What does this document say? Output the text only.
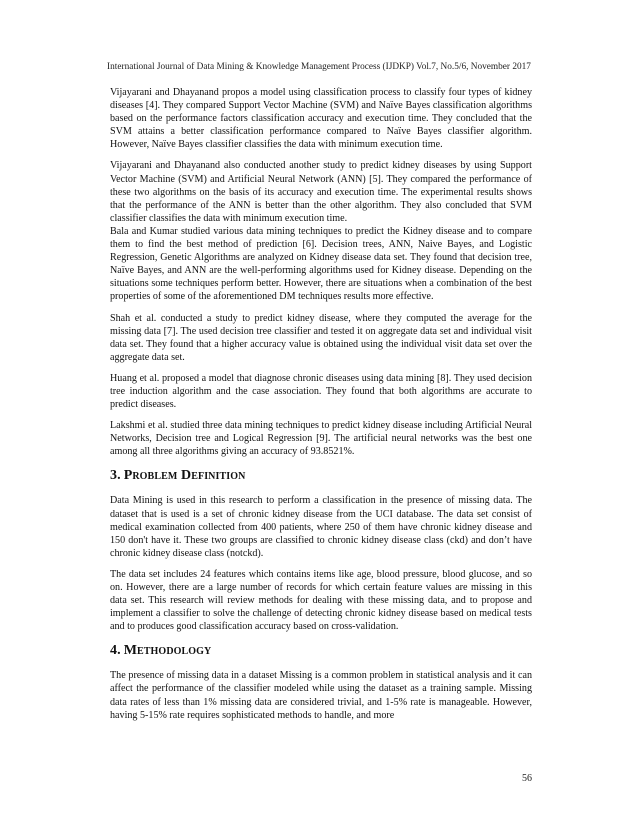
International Journal of Data Mining & Knowledge Management Process (IJDKP) Vol.7, No.5/6, November 2017

Vijayarani and Dhayanand propos a model using classification process to classify four types of kidney diseases [4]. They compared Support Vector Machine (SVM) and Naïve Bayes classification algorithms based on the performance factors classification accuracy and execution time. They concluded that the SVM attains a better classification performance compared to Naïve Bayes classifier algorithm. However, Naïve Bayes classifier classifies the data with minimum execution time.

Vijayarani and Dhayanand also conducted another study to predict kidney diseases by using Support Vector Machine (SVM) and Artificial Neural Network (ANN) [5]. They compared the performance of these two algorithms on the basis of its accuracy and execution time. The experimental results shows that the performance of the ANN is better than the other algorithm. They also concluded that SVM classifier classifies the data with minimum execution time.

Bala and Kumar studied various data mining techniques to predict the Kidney disease and to compare them to find the best method of prediction [6]. Decision trees, ANN, Naive Bayes, and Logistic Regression, Genetic Algorithms are analyzed on Kidney disease data set. They found that decision tree, Naïve Bayes, and ANN are the well-performing algorithms used for Kidney disease. Depending on the situations some techniques perform better. However, there are situations when a combination of the best properties of some of the aforementioned DM techniques results more effective.

Shah et al. conducted a study to predict kidney disease, where they computed the average for the missing data [7]. The used decision tree classifier and tested it on aggregate data set and individual visit data set. They found that a higher accuracy value is obtained using the individual visit data set over the aggregate data set.

Huang et al. proposed a model that diagnose chronic diseases using data mining [8]. They used decision tree induction algorithm and the case association. They found that both algorithms are accurate to predict diseases.

Lakshmi et al. studied three data mining techniques to predict kidney disease including Artificial Neural Networks, Decision tree and Logical Regression [9]. The artificial neural networks was the best one among all three algorithms giving an accuracy of 93.8521%.

3. Problem Definition

Data Mining is used in this research to perform a classification in the presence of missing data. The dataset that is used is a set of chronic kidney disease from the UCI database. The data set consist of medical examination collected from 400 patients, where 250 of them have chronic kidney disease and 150 don't have it. These two groups are classified to chronic kidney disease class (ckd) and don’t have chronic kidney disease class (notckd).

The data set includes 24 features which contains items like age, blood pressure, blood glucose, and so on. However, there are a large number of records for which certain feature values are missing in this data set. This research will review methods for dealing with these missing data, and to propose and implement a classifier to solve the challenge of detecting chronic kidney disease based on medical tests and to produces good classification accuracy based on cross-validation.

4. Methodology

The presence of missing data in a dataset Missing is a common problem in statistical analysis and it can affect the performance of the classifier modeled while using the dataset as a training sample. Missing data rates of less than 1% missing data are considered trivial, and 1-5% rate is manageable. However, having 5-15% rate requires sophisticated methods to handle, and more

56
